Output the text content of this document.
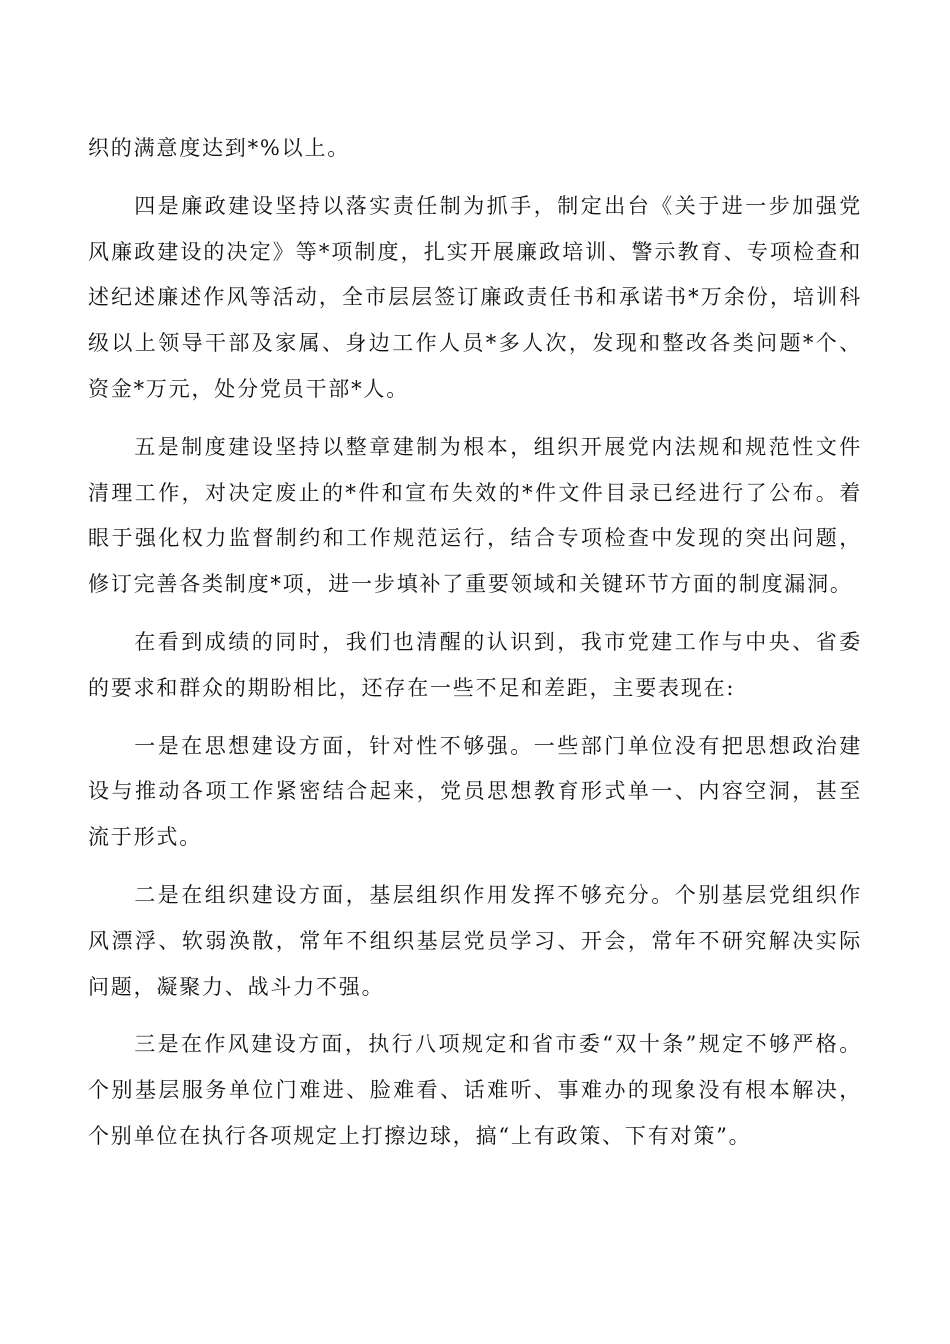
织的满意度达到*%以上。

四是廉政建设坚持以落实责任制为抓手，制定出台《关于进一步加强党风廉政建设的决定》等*项制度，扎实开展廉政培训、警示教育、专项检查和述纪述廉述作风等活动，全市层层签订廉政责任书和承诺书*万余份，培训科级以上领导干部及家属、身边工作人员*多人次，发现和整改各类问题*个、资金*万元，处分党员干部*人。

五是制度建设坚持以整章建制为根本，组织开展党内法规和规范性文件清理工作，对决定废止的*件和宣布失效的*件文件目录已经进行了公布。着眼于强化权力监督制约和工作规范运行，结合专项检查中发现的突出问题，修订完善各类制度*项，进一步填补了重要领域和关键环节方面的制度漏洞。

在看到成绩的同时，我们也清醒的认识到，我市党建工作与中央、省委的要求和群众的期盼相比，还存在一些不足和差距，主要表现在:

一是在思想建设方面，针对性不够强。一些部门单位没有把思想政治建设与推动各项工作紧密结合起来，党员思想教育形式单一、内容空洞，甚至流于形式。

二是在组织建设方面，基层组织作用发挥不够充分。个别基层党组织作风漂浮、软弱涣散，常年不组织基层党员学习、开会，常年不研究解决实际问题，凝聚力、战斗力不强。

三是在作风建设方面，执行八项规定和省市委“双十条”规定不够严格。个别基层服务单位门难进、脸难看、话难听、事难办的现象没有根本解决，个别单位在执行各项规定上打擦边球，搞“上有政策、下有对策”。
